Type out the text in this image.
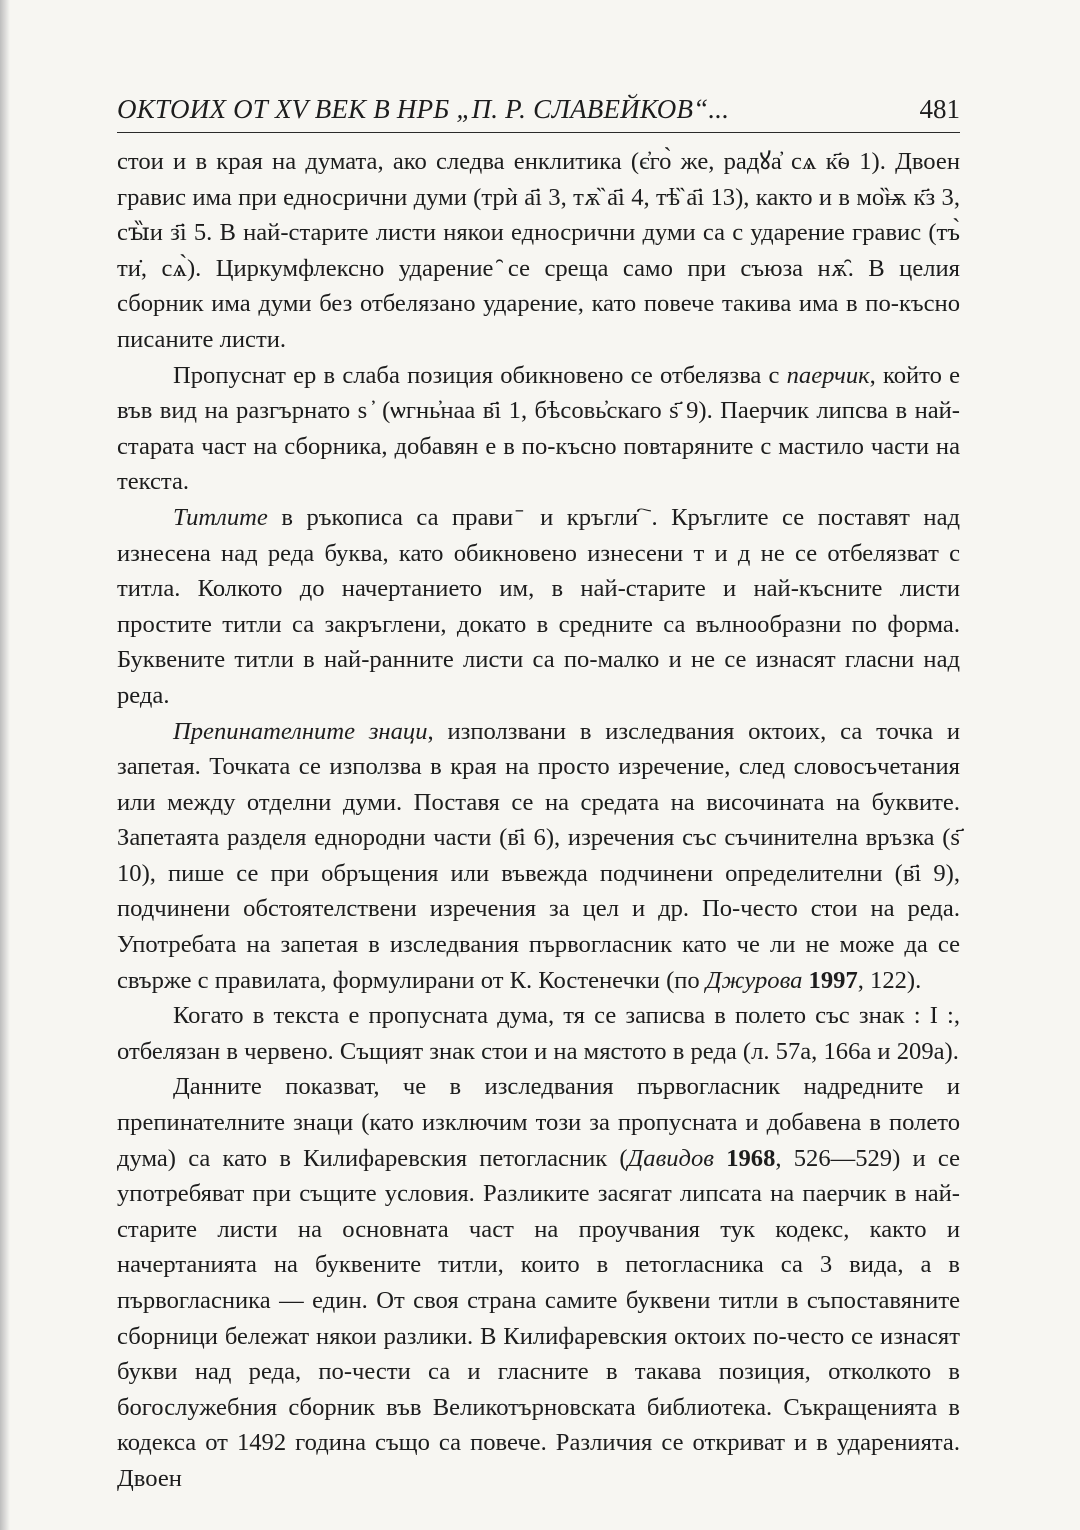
ОКТОИХ ОТ XV ВЕК В НРБ „П. Р. СЛАВЕЙКОВ“...	481

стои и в края на думата, ако следва енклитика (є҆го̀ же, радꙋа҆ сѧ к҃ѳ 1). Двоен гравис има при едносрични думи (трѝ а҃і 3, тѫ̏ а҃і 4, тѣ̏ а҃і 13), както и в мо̏ѭ к҃з 3, сꙑ̏и з҃і 5. В най-старите листи някои едносрични думи са с ударение гравис (тъ̀ ти̇, сѧ̀). Циркумфлексно ударение ̑се среща само при съюза нѫ̑. В целия сборник има думи без отбелязано ударение, като повече такива има в по-късно писаните листи.

Пропуснат ер в слаба позиция обикновено се отбелязва с паерчик, който е във вид на разгърнато s ҆ (ѡгнь҆наа в҃і 1, бѣсовь҆скаго ѕ҃ 9). Паерчик липсва в най-старата част на сборника, добавян е в по-късно повтаряните с мастило части на текста.

Титлите в ръкописа са прави ̄ и кръгли ҇. Кръглите се поставят над изнесена над реда буква, като обикновено изнесени т и д не се отбелязват с титла. Колкото до начертанието им, в най-старите и най-късните листи простите титли са закръглени, докато в средните са вълнообразни по форма. Буквените титли в най-ранните листи са по-малко и не се изнасят гласни над реда.

Препинателните знаци, използвани в изследвания октоих, са точка и запетая. Точката се използва в края на просто изречение, след словосъчетания или между отделни думи. Поставя се на средата на височината на буквите. Запетаята разделя еднородни части (в҃і 6), изречения със съчинителна връзка (ѕ҃ 10), пише се при обръщения или въвежда подчинени определителни (в҃і 9), подчинени обстоятелствени изречения за цел и др. По-често стои на реда. Употребата на запетая в изследвания първогласник като че ли не може да се свърже с правилата, формулирани от К. Костенечки (по Джурова 1997, 122).

Когато в текста е пропусната дума, тя се записва в полето със знак : I :, отбелязан в червено. Същият знак стои и на мястото в реда (л. 57а, 166а и 209а).

Данните показват, че в изследвания първогласник надредните и препинателните знаци (като изключим този за пропусната и добавена в полето дума) са като в Килифаревския петогласник (Давидов 1968, 526—529) и се употребяват при същите условия. Разликите засягат липсата на паерчик в най-старите листи на основната част на проучвания тук кодекс, както и начертанията на буквените титли, които в петогласника са 3 вида, а в първогласника — един. От своя страна самите буквени титли в съпоставяните сборници бележат някои разлики. В Килифаревския октоих по-често се изнасят букви над реда, по-чести са и гласните в такава позиция, отколкото в богослужебния сборник във Великотърновската библиотека. Съкращенията в кодекса от 1492 година също са повече. Различия се откриват и в ударенията. Двоен
